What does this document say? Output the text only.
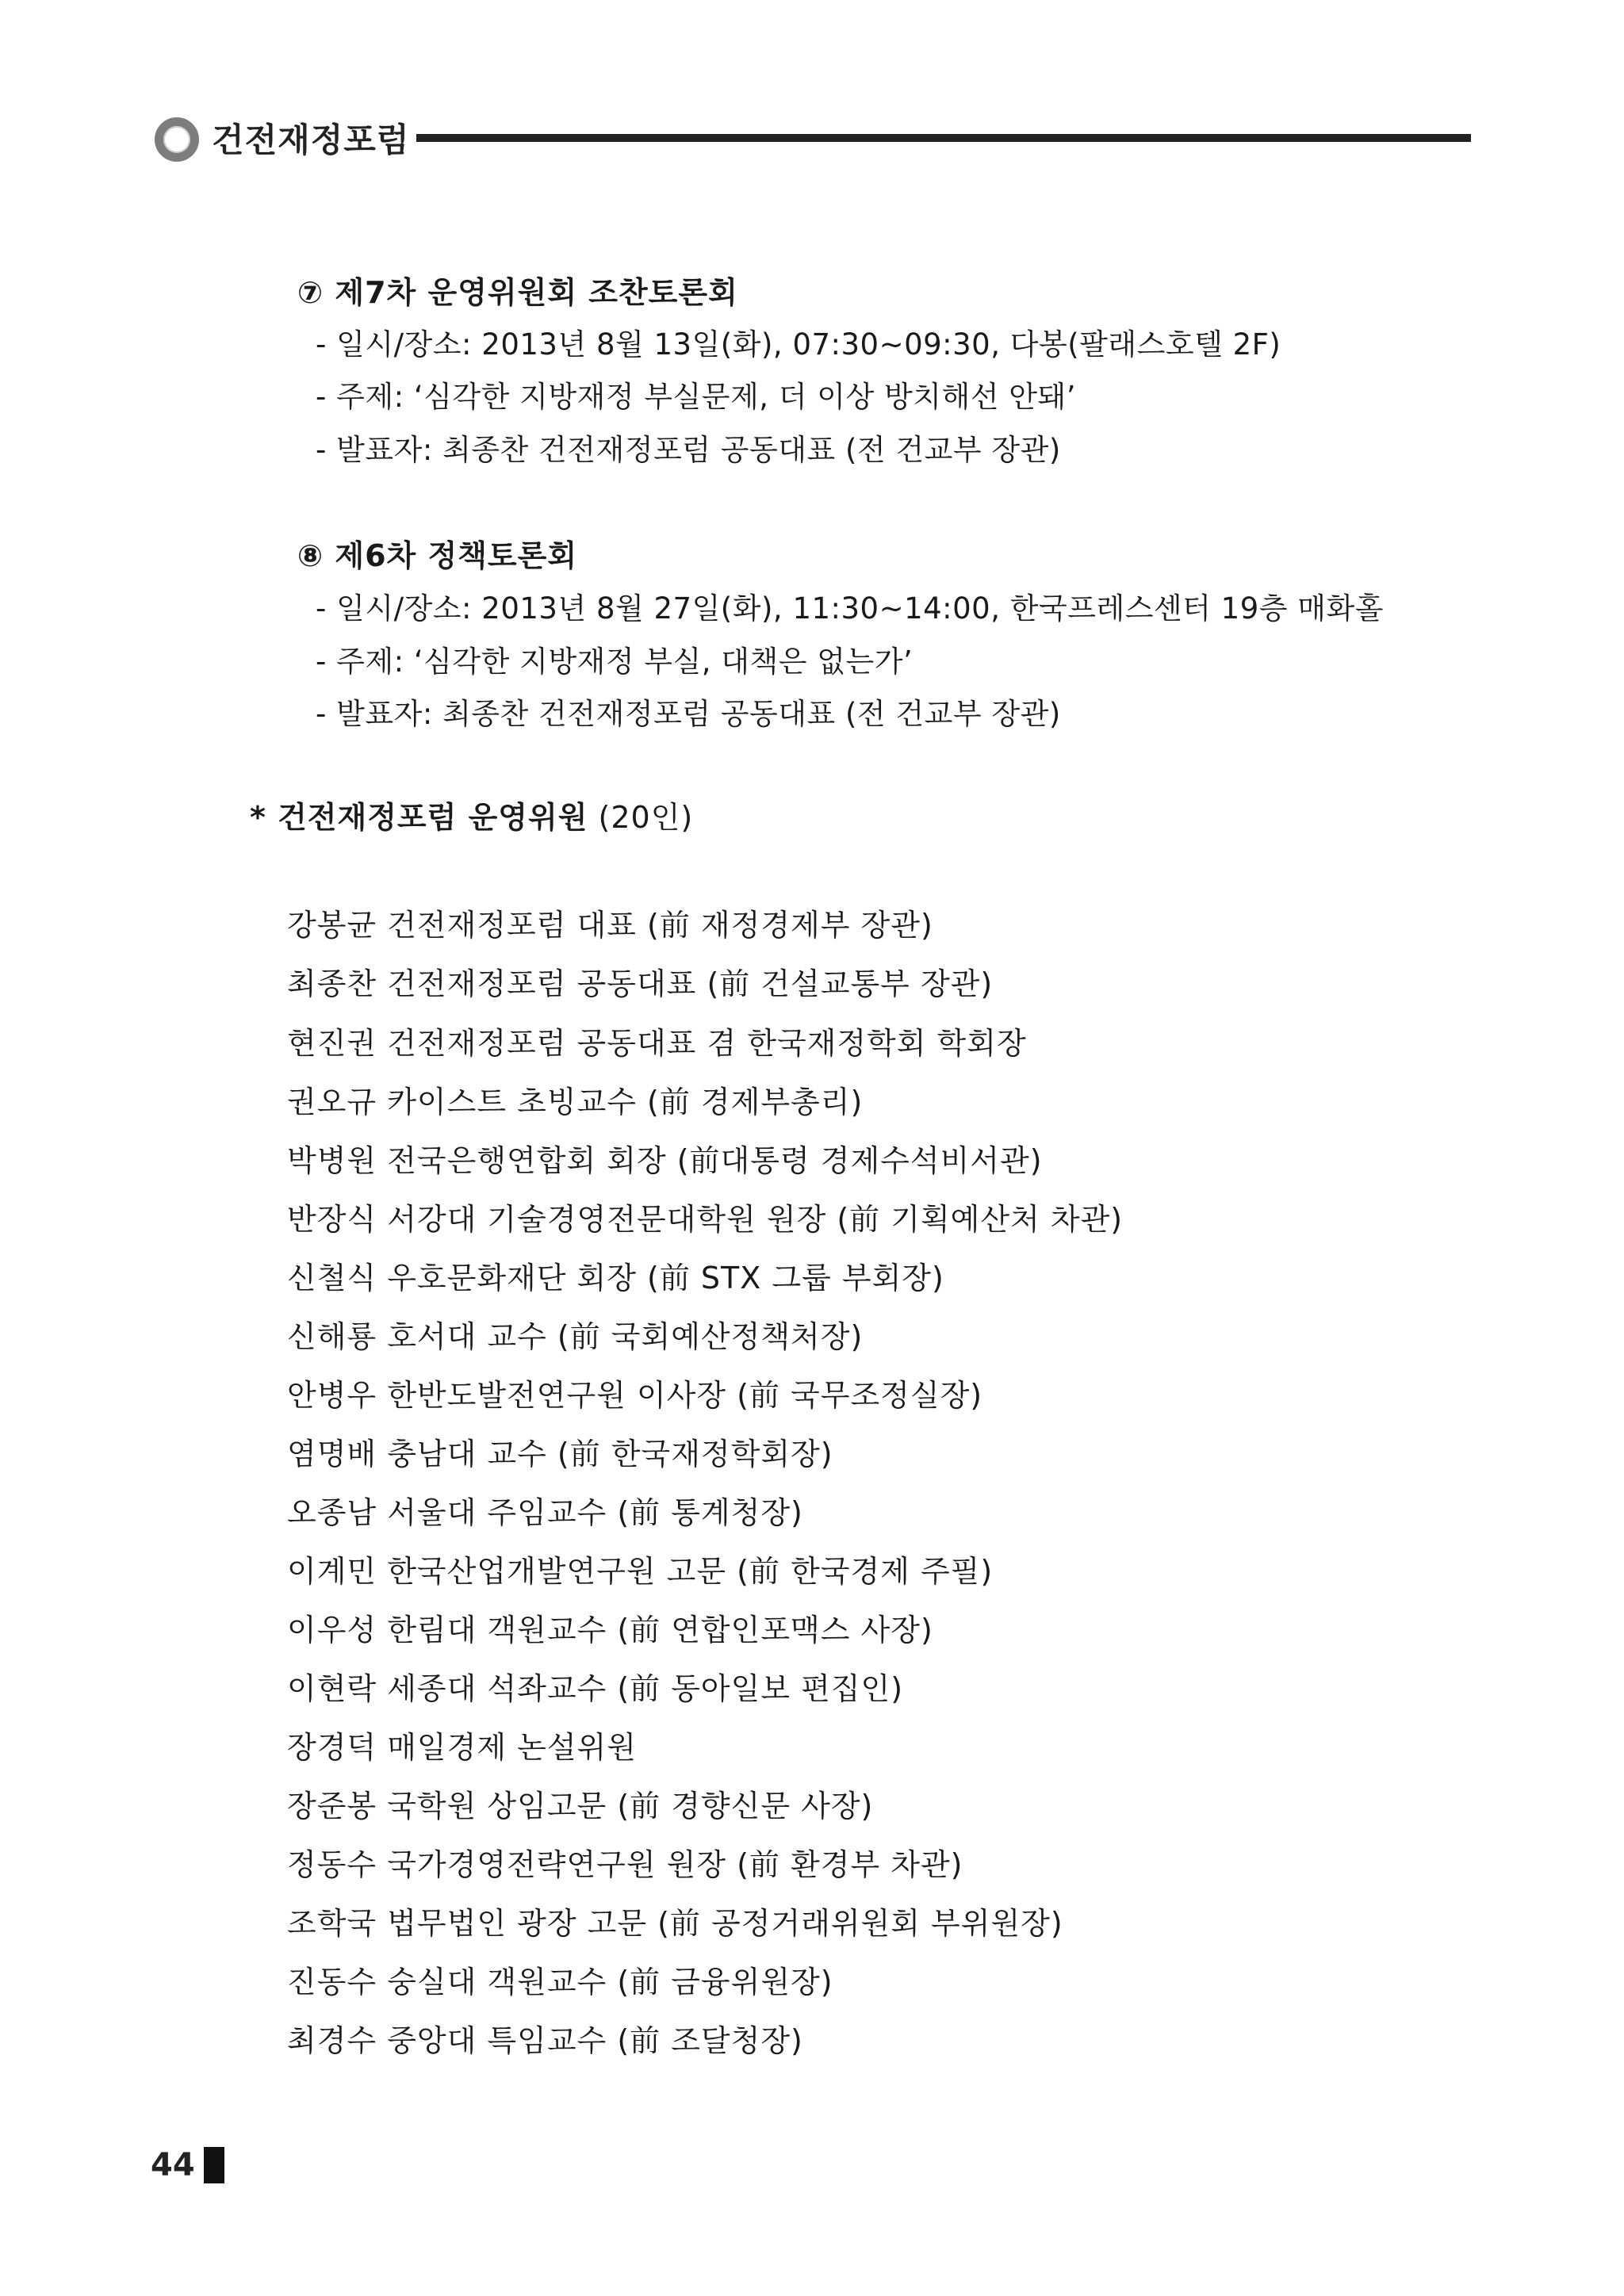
건전재정포럼
⑦ 제7차 운영위원회 조찬토론회
- 일시/장소: 2013년 8월 13일(화), 07:30~09:30, 다봉(팔래스호텔 2F)
- 주제: ‘심각한 지방재정 부실문제, 더 이상 방치해선 안돼’
- 발표자: 최종찬 건전재정포럼 공동대표 (전 건교부 장관)
⑧ 제6차 정책토론회
- 일시/장소: 2013년 8월 27일(화), 11:30~14:00, 한국프레스센터 19층 매화홀
- 주제: ‘심각한 지방재정 부실, 대책은 없는가’
- 발표자: 최종찬 건전재정포럼 공동대표 (전 건교부 장관)
* 건전재정포럼 운영위원 (20인)
강봉균 건전재정포럼 대표 (前 재정경제부 장관)
최종찬 건전재정포럼 공동대표 (前 건설교통부 장관)
현진권 건전재정포럼 공동대표 겸 한국재정학회 학회장
권오규 카이스트 초빙교수 (前 경제부총리)
박병원 전국은행연합회 회장 (前대통령 경제수석비서관)
반장식 서강대 기술경영전문대학원 원장 (前 기획예산처 차관)
신철식 우호문화재단 회장 (前 STX 그룹 부회장)
신해룡 호서대 교수 (前 국회예산정책처장)
안병우 한반도발전연구원 이사장 (前 국무조정실장)
염명배 충남대 교수 (前 한국재정학회장)
오종남 서울대 주임교수 (前 통계청장)
이계민 한국산업개발연구원 고문 (前 한국경제 주필)
이우성 한림대 객원교수 (前 연합인포맥스 사장)
이현락 세종대 석좌교수 (前 동아일보 편집인)
장경덕 매일경제 논설위원
장준봉 국학원 상임고문 (前 경향신문 사장)
정동수 국가경영전략연구원 원장 (前 환경부 차관)
조학국 법무법인 광장 고문 (前 공정거래위원회 부위원장)
진동수 숭실대 객원교수 (前 금융위원장)
최경수 중앙대 특임교수 (前 조달청장)
44
